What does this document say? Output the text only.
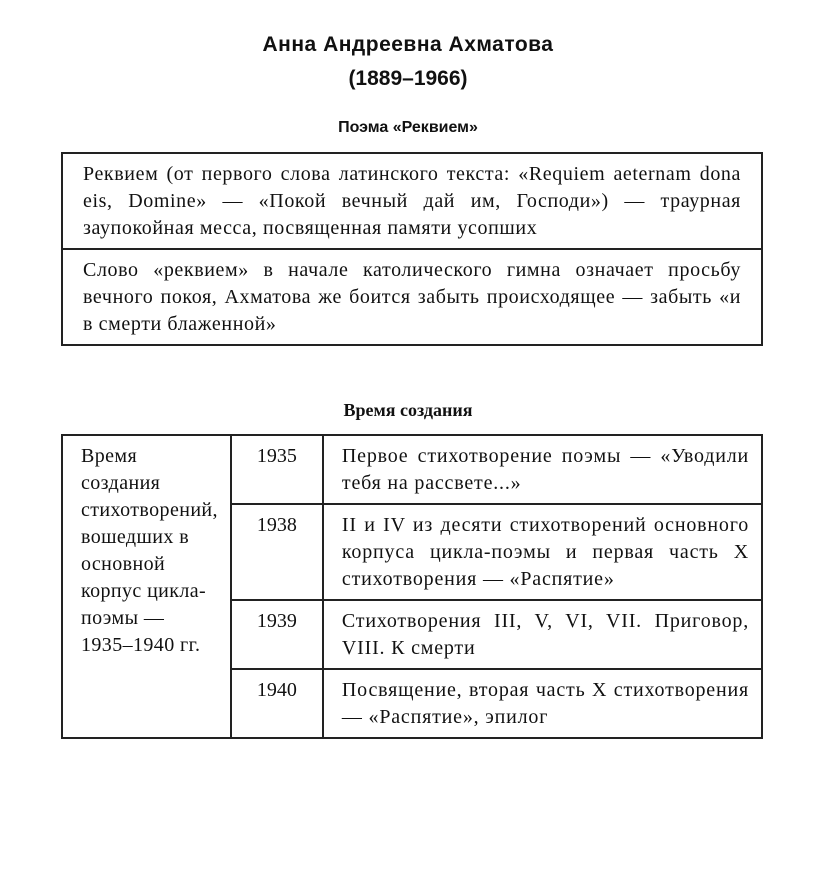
Анна Андреевна Ахматова
(1889–1966)
Поэма «Реквием»
Реквием (от первого слова латинского текста: «Requiem aeternam dona eis, Domine» — «Покой вечный дай им, Господи») — траурная заупокойная месса, посвященная памяти усопших
Слово «реквием» в начале католического гимна означает просьбу вечного покоя, Ахматова же боится забыть происходящее — забыть «и в смерти блаженной»
Время создания
Время создания стихотворений, вошедших в основной корпус цикла-поэмы — 1935–1940 гг.	1935	Первое стихотворение поэмы — «Уводили тебя на рассвете...»
	1938	II и IV из десяти стихотворений основного корпуса цикла-поэмы и первая часть X стихотворения — «Распятие»
	1939	Стихотворения III, V, VI, VII. Приговор, VIII. К смерти
	1940	Посвящение, вторая часть X стихотворения — «Распятие», эпилог
